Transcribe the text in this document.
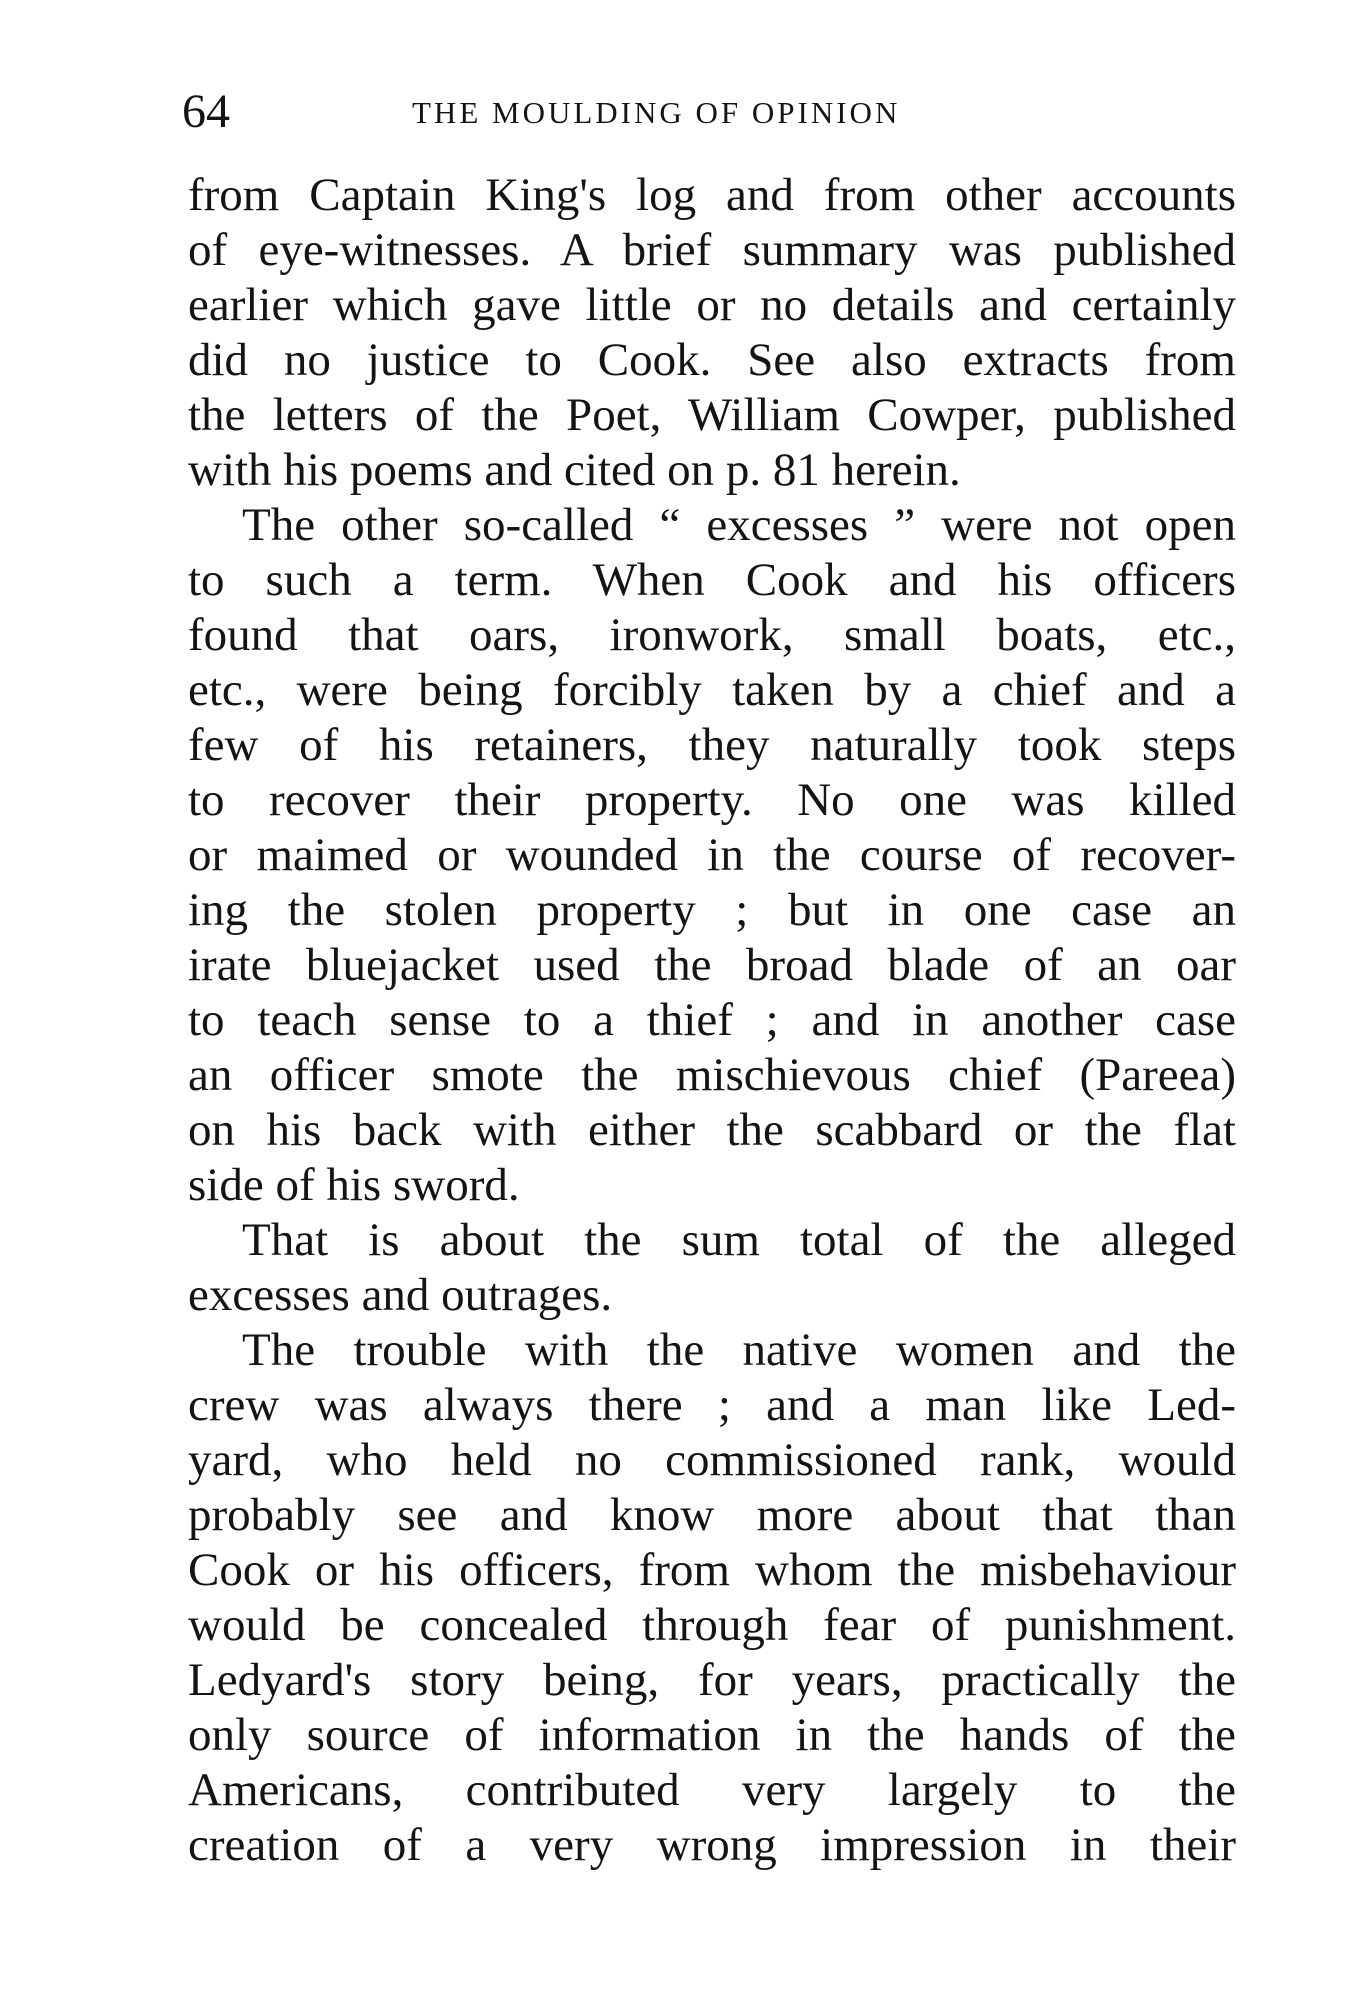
64	THE MOULDING OF OPINION
from Captain King's log and from other accounts
of eye-witnesses. A brief summary was published
earlier which gave little or no details and certainly
did no justice to Cook. See also extracts from
the letters of the Poet, William Cowper, published
with his poems and cited on p. 81 herein.
The other so-called “ excesses ” were not open
to such a term. When Cook and his officers
found that oars, ironwork, small boats, etc.,
etc., were being forcibly taken by a chief and a
few of his retainers, they naturally took steps
to recover their property. No one was killed
or maimed or wounded in the course of recover-
ing the stolen property ; but in one case an
irate bluejacket used the broad blade of an oar
to teach sense to a thief ; and in another case
an officer smote the mischievous chief (Pareea)
on his back with either the scabbard or the flat
side of his sword.
That is about the sum total of the alleged
excesses and outrages.
The trouble with the native women and the
crew was always there ; and a man like Led-
yard, who held no commissioned rank, would
probably see and know more about that than
Cook or his officers, from whom the misbehaviour
would be concealed through fear of punishment.
Ledyard's story being, for years, practically the
only source of information in the hands of the
Americans, contributed very largely to the
creation of a very wrong impression in their
